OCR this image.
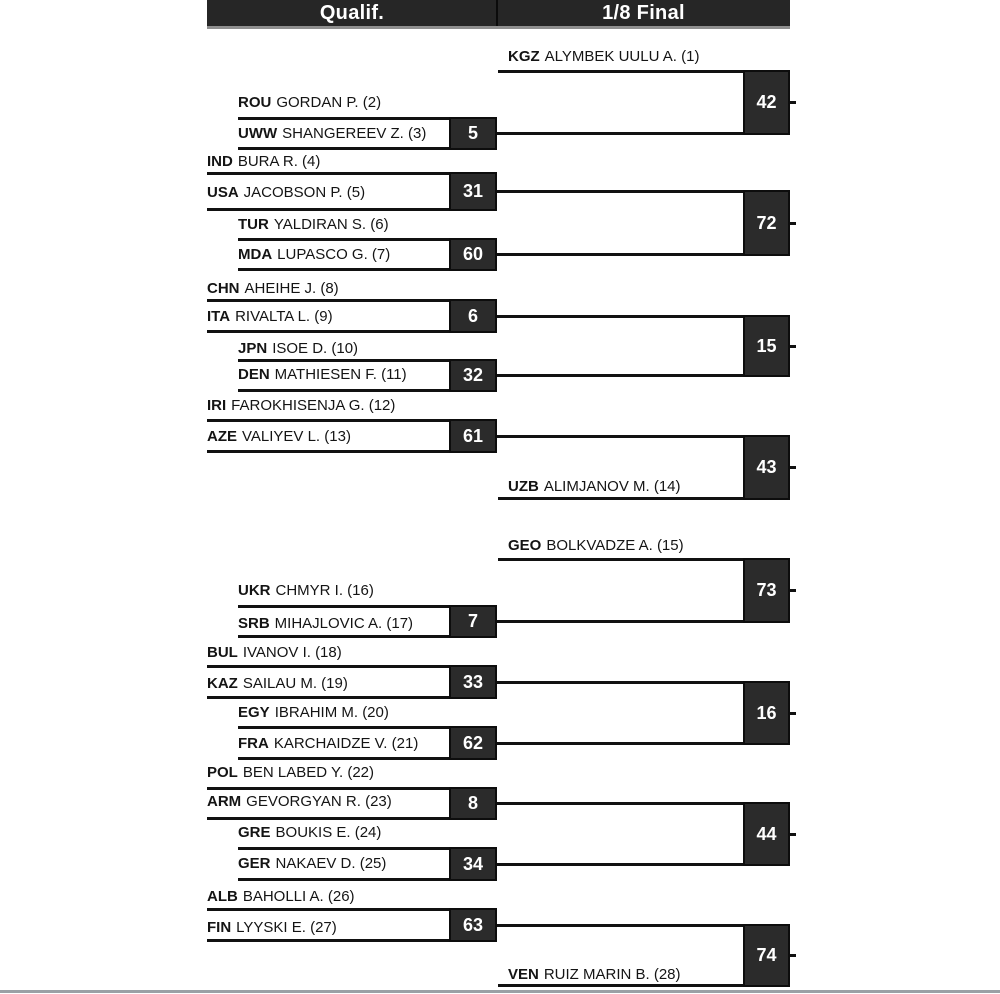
Qualif.	1/8 Final
ROU GORDAN P. (2)
UWW SHANGEREEV Z. (3)
IND BURA R. (4)
USA JACOBSON P. (5)
TUR YALDIRAN S. (6)
MDA LUPASCO G. (7)
CHN AHEIHE J. (8)
ITA RIVALTA L. (9)
JPN ISOE D. (10)
DEN MATHIESEN F. (11)
IRI FAROKHISENJA G. (12)
AZE VALIYEV L. (13)
UKR CHMYR I. (16)
SRB MIHAJLOVIC A. (17)
BUL IVANOV I. (18)
KAZ SAILAU M. (19)
EGY IBRAHIM M. (20)
FRA KARCHAIDZE V. (21)
POL BEN LABED Y. (22)
ARM GEVORGYAN R. (23)
GRE BOUKIS E. (24)
GER NAKAEV D. (25)
ALB BAHOLLI A. (26)
FIN LYYSKI E. (27)
KGZ ALYMBEK UULU A. (1)
UZB ALIMJANOV M. (14)
GEO BOLKVADZE A. (15)
VEN RUIZ MARIN B. (28)
5
31
60
6
32
61
7
33
62
8
34
63
42
72
15
43
73
16
44
74
